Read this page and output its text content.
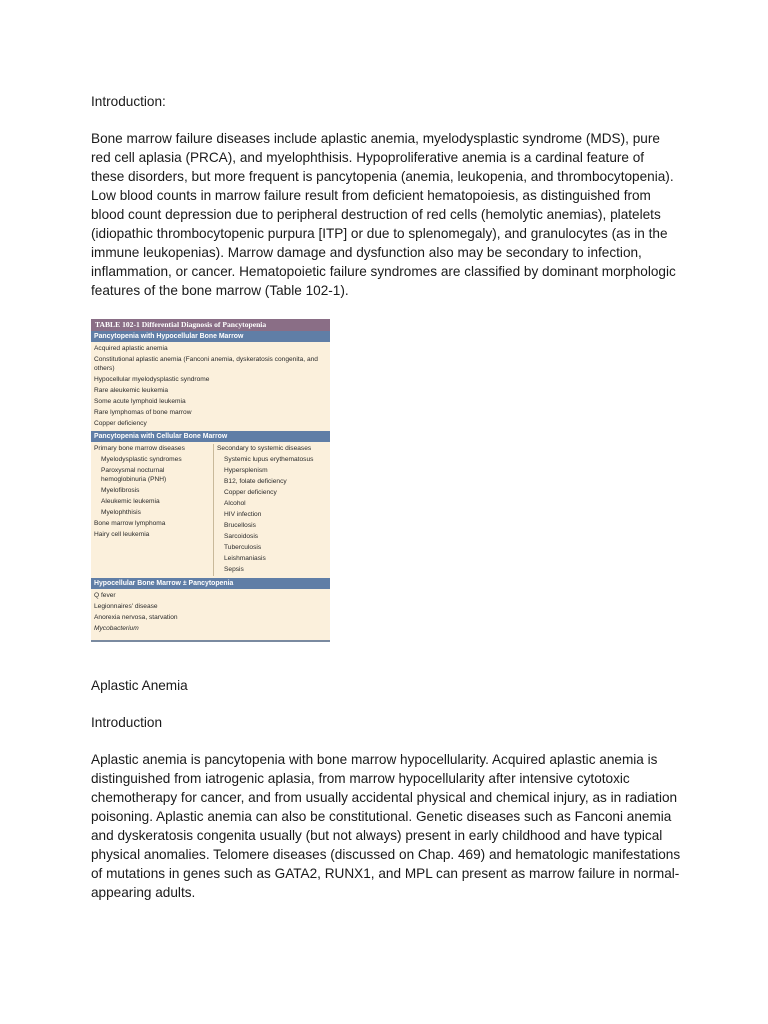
Introduction:

Bone marrow failure diseases include aplastic anemia, myelodysplastic syndrome (MDS), pure red cell aplasia (PRCA), and myelophthisis. Hypoproliferative anemia is a cardinal feature of these disorders, but more frequent is pancytopenia (anemia, leukopenia, and thrombocytopenia). Low blood counts in marrow failure result from deficient hematopoiesis, as distinguished from blood count depression due to peripheral destruction of red cells (hemolytic anemias), platelets (idiopathic thrombocytopenic purpura [ITP] or due to splenomegaly), and granulocytes (as in the immune leukopenias). Marrow damage and dysfunction also may be secondary to infection, inflammation, or cancer. Hematopoietic failure syndromes are classified by dominant morphologic features of the bone marrow (Table 102-1).

TABLE 102-1 Differential Diagnosis of Pancytopenia
Pancytopenia with Hypocellular Bone Marrow
Acquired aplastic anemia
Constitutional aplastic anemia (Fanconi anemia, dyskeratosis congenita, and others)
Hypocellular myelodysplastic syndrome
Rare aleukemic leukemia
Some acute lymphoid leukemia
Rare lymphomas of bone marrow
Copper deficiency
Pancytopenia with Cellular Bone Marrow
Primary bone marrow diseases
Myelodysplastic syndromes
Paroxysmal nocturnal hemoglobinuria (PNH)
Myelofibrosis
Aleukemic leukemia
Myelophthisis
Bone marrow lymphoma
Hairy cell leukemia
Secondary to systemic diseases
Systemic lupus erythematosus
Hypersplenism
B12, folate deficiency
Copper deficiency
Alcohol
HIV infection
Brucellosis
Sarcoidosis
Tuberculosis
Leishmaniasis
Sepsis
Hypocellular Bone Marrow ± Pancytopenia
Q fever
Legionnaires' disease
Anorexia nervosa, starvation
Mycobacterium

Aplastic Anemia

Introduction

Aplastic anemia is pancytopenia with bone marrow hypocellularity. Acquired aplastic anemia is distinguished from iatrogenic aplasia, from marrow hypocellularity after intensive cytotoxic chemotherapy for cancer, and from usually accidental physical and chemical injury, as in radiation poisoning. Aplastic anemia can also be constitutional. Genetic diseases such as Fanconi anemia and dyskeratosis congenita usually (but not always) present in early childhood and have typical physical anomalies. Telomere diseases (discussed on Chap. 469) and hematologic manifestations of mutations in genes such as GATA2, RUNX1, and MPL can present as marrow failure in normal-appearing adults.
